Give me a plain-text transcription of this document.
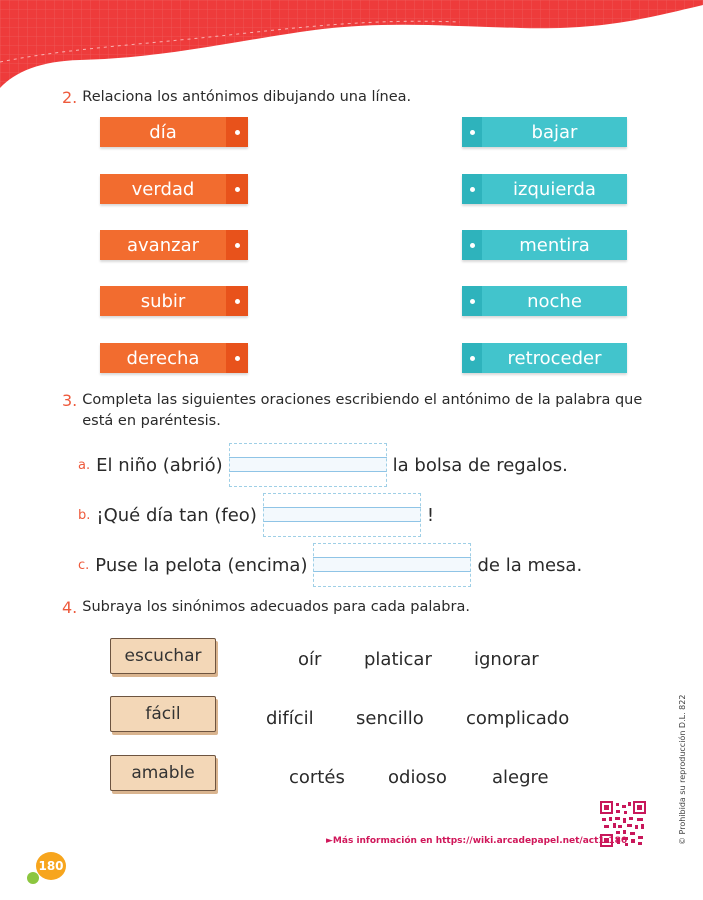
2. Relaciona los antónimos dibujando una línea.
día
verdad
avanzar
subir
derecha
bajar
izquierda
mentira
noche
retroceder
3. Completa las siguientes oraciones escribiendo el antónimo de la palabra que
está en paréntesis.
a. El niño (abrió)	la bolsa de regalos.
b. ¡Qué día tan (feo)	!
c. Puse la pelota (encima)	de la mesa.
4. Subraya los sinónimos adecuados para cada palabra.
escuchar	oír platicar ignorar
fácil	difícil sencillo complicado
amable	cortés odioso	alegre
►Más información en https://wiki.arcadepapel.net/act1-180	© Prohibida su reproducción D.L. 822
180
